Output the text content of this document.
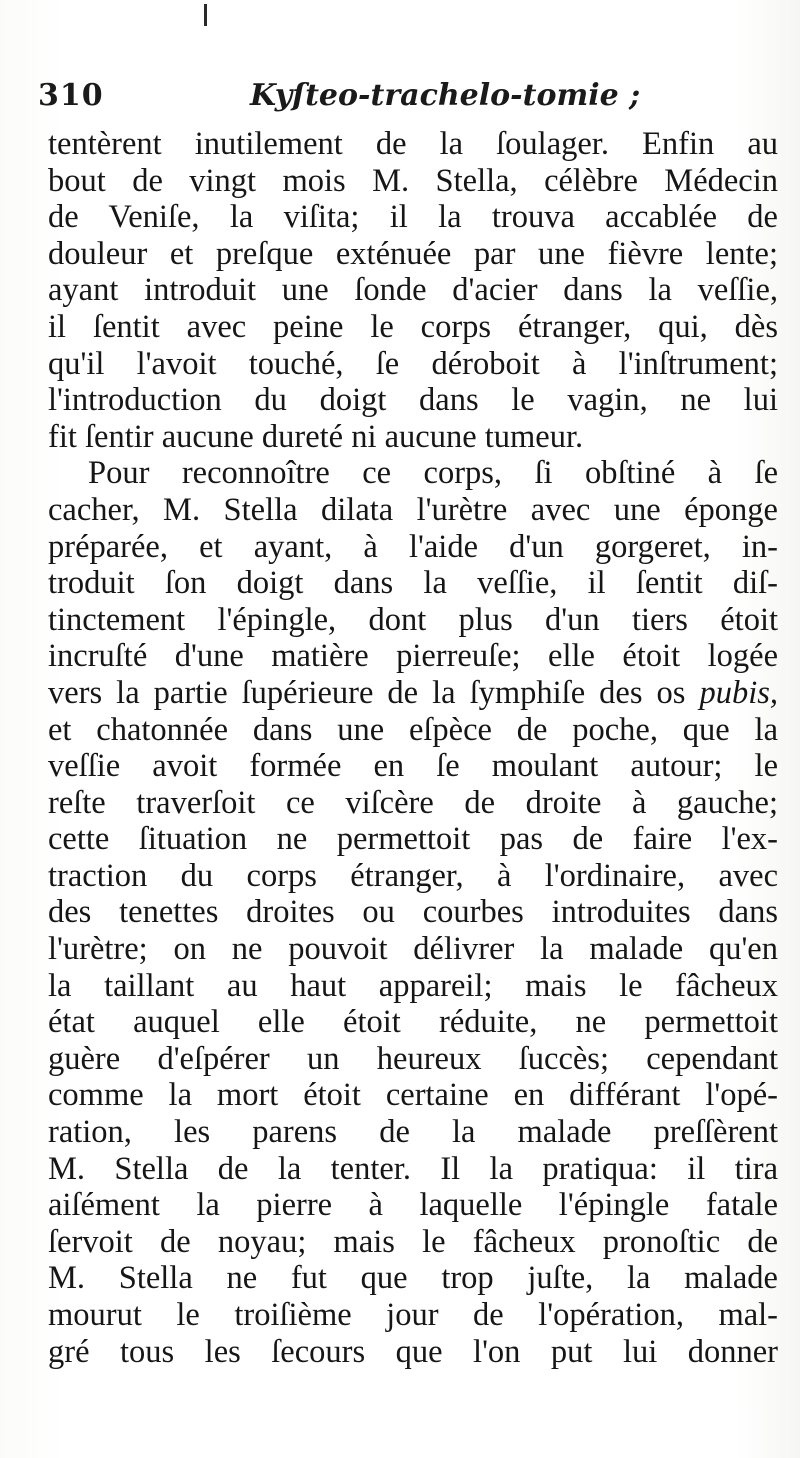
310	Kyſteo-trachelo-tomie ;
tentèrent inutilement de la ſoulager. Enfin au
bout de vingt mois M. Stella, célèbre Médecin
de Veniſe, la viſita; il la trouva accablée de
douleur et preſque exténuée par une fièvre lente;
ayant introduit une ſonde d'acier dans la veſſie,
il ſentit avec peine le corps étranger, qui, dès
qu'il l'avoit touché, ſe déroboit à l'inſtrument;
l'introduction du doigt dans le vagin, ne lui
fit ſentir aucune dureté ni aucune tumeur.
Pour reconnoître ce corps, ſi obſtiné à ſe
cacher, M. Stella dilata l'urètre avec une éponge
préparée, et ayant, à l'aide d'un gorgeret, in-
troduit ſon doigt dans la veſſie, il ſentit diſ-
tinctement l'épingle, dont plus d'un tiers étoit
incruſté d'une matière pierreuſe; elle étoit logée
vers la partie ſupérieure de la ſymphiſe des os pubis,
et chatonnée dans une eſpèce de poche, que la
veſſie avoit formée en ſe moulant autour; le
reſte traverſoit ce viſcère de droite à gauche;
cette ſituation ne permettoit pas de faire l'ex-
traction du corps étranger, à l'ordinaire, avec
des tenettes droites ou courbes introduites dans
l'urètre; on ne pouvoit délivrer la malade qu'en
la taillant au haut appareil; mais le fâcheux
état auquel elle étoit réduite, ne permettoit
guère d'eſpérer un heureux ſuccès; cependant
comme la mort étoit certaine en différant l'opé-
ration, les parens de la malade preſſèrent
M. Stella de la tenter. Il la pratiqua: il tira
aiſément la pierre à laquelle l'épingle fatale
ſervoit de noyau; mais le fâcheux pronoſtic de
M. Stella ne fut que trop juſte, la malade
mourut le troiſième jour de l'opération, mal-
gré tous les ſecours que l'on put lui donner
